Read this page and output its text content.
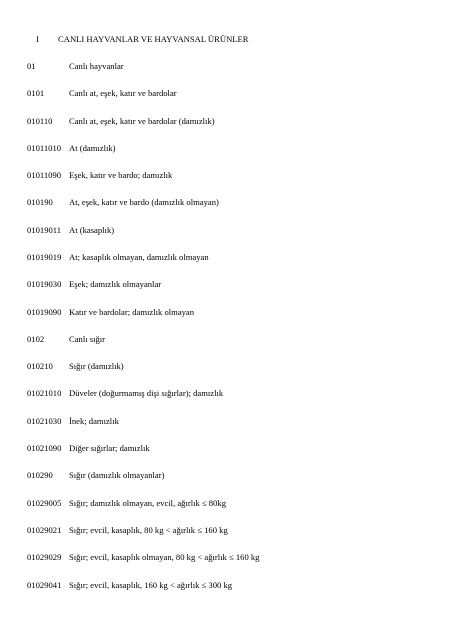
I CANLI HAYVANLAR VE HAYVANSAL ÜRÜNLER
01	Canlı hayvanlar
0101	Canlı at, eşek, katır ve bardolar
010110 Canlı at, eşek, katır ve bardolar (damızlık)
01011010 At (damızlık)
01011090 Eşek, katır ve bardo; damızlık
010190 At, eşek, katır ve bardo (damızlık olmayan)
01019011 At (kasaplık)
01019019 At; kasaplık olmayan, damızlık olmayan
01019030 Eşek; damızlık olmayanlar
01019090 Katır ve bardolar; damızlık olmayan
0102	Canlı sığır
010210 Sığır (damızlık)
01021010 Düveler (doğurmamış dişi sığırlar); damızlık
01021030 İnek; damızlık
01021090 Diğer sığırlar; damızlık
010290 Sığır (damızlık olmayanlar)
01029005 Sığır; damızlık olmayan, evcil, ağırlık ≤ 80kg
01029021 Sığır; evcil, kasaplık, 80 kg < ağırlık ≤ 160 kg
01029029 Sığır; evcil, kasaplık olmayan, 80 kg < ağırlık ≤ 160 kg
01029041 Sığır; evcil, kasaplık, 160 kg < ağırlık ≤ 300 kg
